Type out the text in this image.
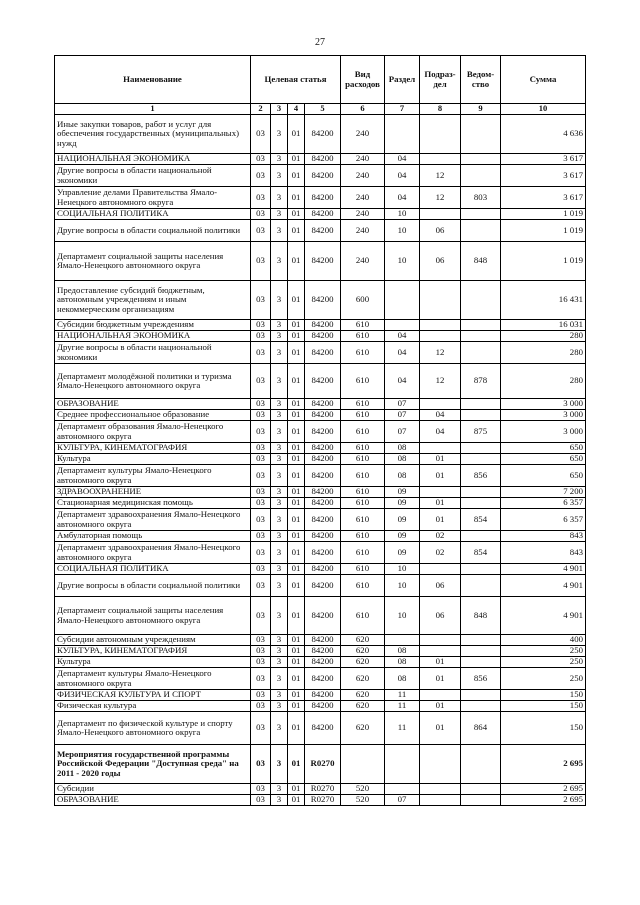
27
Наименование	Целевая статья				Вид расходов	Раздел	Подраз-дел	Ведом-ство	Сумма
1	2	3	4	5	6	7	8	9	10
Иные закупки товаров, работ и услуг для обеспечения государственных (муниципальных) нужд	03	3	01	84200	240				4 636
НАЦИОНАЛЬНАЯ ЭКОНОМИКА	03	3	01	84200	240	04			3 617
Другие вопросы в области национальной экономики	03	3	01	84200	240	04	12		3 617
Управление делами Правительства Ямало-Ненецкого автономного округа	03	3	01	84200	240	04	12	803	3 617
СОЦИАЛЬНАЯ ПОЛИТИКА	03	3	01	84200	240	10			1 019
Другие вопросы в области социальной политики	03	3	01	84200	240	10	06		1 019
Департамент социальной защиты населения Ямало-Ненецкого автономного округа	03	3	01	84200	240	10	06	848	1 019
Предоставление субсидий бюджетным, автономным учреждениям и иным некоммерческим организациям	03	3	01	84200	600				16 431
Субсидии бюджетным учреждениям	03	3	01	84200	610				16 031
НАЦИОНАЛЬНАЯ ЭКОНОМИКА	03	3	01	84200	610	04			280
Другие вопросы в области национальной экономики	03	3	01	84200	610	04	12		280
Департамент молодёжной политики и туризма Ямало-Ненецкого автономного округа	03	3	01	84200	610	04	12	878	280
ОБРАЗОВАНИЕ	03	3	01	84200	610	07			3 000
Среднее профессиональное образование	03	3	01	84200	610	07	04		3 000
Департамент образования Ямало-Ненецкого автономного округа	03	3	01	84200	610	07	04	875	3 000
КУЛЬТУРА, КИНЕМАТОГРАФИЯ	03	3	01	84200	610	08			650
Культура	03	3	01	84200	610	08	01		650
Департамент культуры Ямало-Ненецкого автономного округа	03	3	01	84200	610	08	01	856	650
ЗДРАВООХРАНЕНИЕ	03	3	01	84200	610	09			7 200
Стационарная медицинская помощь	03	3	01	84200	610	09	01		6 357
Департамент здравоохранения Ямало-Ненецкого автономного округа	03	3	01	84200	610	09	01	854	6 357
Амбулаторная помощь	03	3	01	84200	610	09	02		843
Департамент здравоохранения Ямало-Ненецкого автономного округа	03	3	01	84200	610	09	02	854	843
СОЦИАЛЬНАЯ ПОЛИТИКА	03	3	01	84200	610	10			4 901
Другие вопросы в области социальной политики	03	3	01	84200	610	10	06		4 901
Департамент социальной защиты населения Ямало-Ненецкого автономного округа	03	3	01	84200	610	10	06	848	4 901
Субсидии автономным учреждениям	03	3	01	84200	620				400
КУЛЬТУРА, КИНЕМАТОГРАФИЯ	03	3	01	84200	620	08			250
Культура	03	3	01	84200	620	08	01		250
Департамент культуры Ямало-Ненецкого автономного округа	03	3	01	84200	620	08	01	856	250
ФИЗИЧЕСКАЯ КУЛЬТУРА И СПОРТ	03	3	01	84200	620	11			150
Физическая культура	03	3	01	84200	620	11	01		150
Департамент по физической культуре и спорту Ямало-Ненецкого автономного округа	03	3	01	84200	620	11	01	864	150
Мероприятия государственной программы Российской Федерации "Доступная среда" на 2011 - 2020 годы	03	3	01	R0270					2 695
Субсидии	03	3	01	R0270	520				2 695
ОБРАЗОВАНИЕ	03	3	01	R0270	520	07			2 695
